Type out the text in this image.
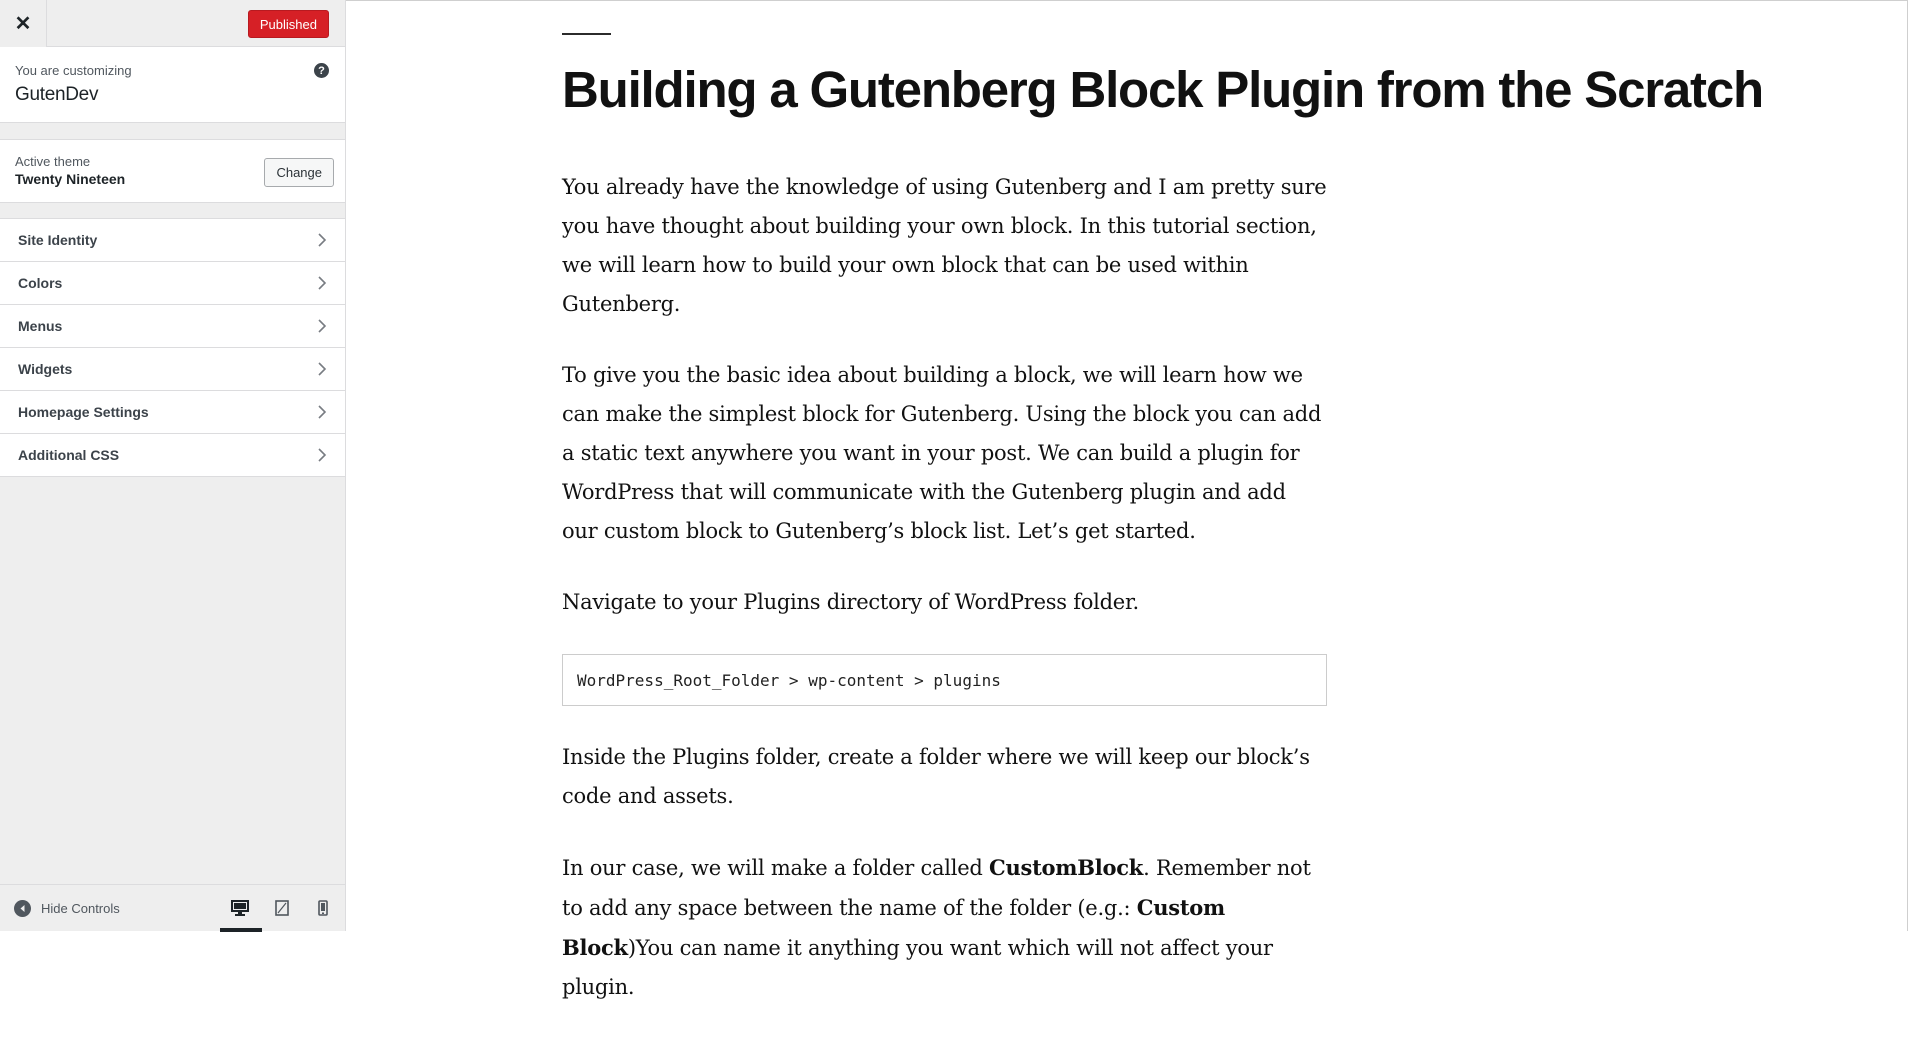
✕	Published
You are customizing
GutenDev
?
Active theme
Twenty Nineteen	Change
Site Identity
Colors
Menus
Widgets
Homepage Settings
Additional CSS
Hide Controls
Building a Gutenberg Block Plugin from the Scratch

You already have the knowledge of using Gutenberg and I am pretty sure you have thought about building your own block. In this tutorial section, we will learn how to build your own block that can be used within Gutenberg.

To give you the basic idea about building a block, we will learn how we can make the simplest block for Gutenberg. Using the block you can add a static text anywhere you want in your post. We can build a plugin for WordPress that will communicate with the Gutenberg plugin and add our custom block to Gutenberg’s block list. Let’s get started.

Navigate to your Plugins directory of WordPress folder.

WordPress_Root_Folder > wp-content > plugins

Inside the Plugins folder, create a folder where we will keep our block’s code and assets.

In our case, we will make a folder called CustomBlock. Remember not to add any space between the name of the folder (e.g.: Custom Block)You can name it anything you want which will not affect your plugin.
